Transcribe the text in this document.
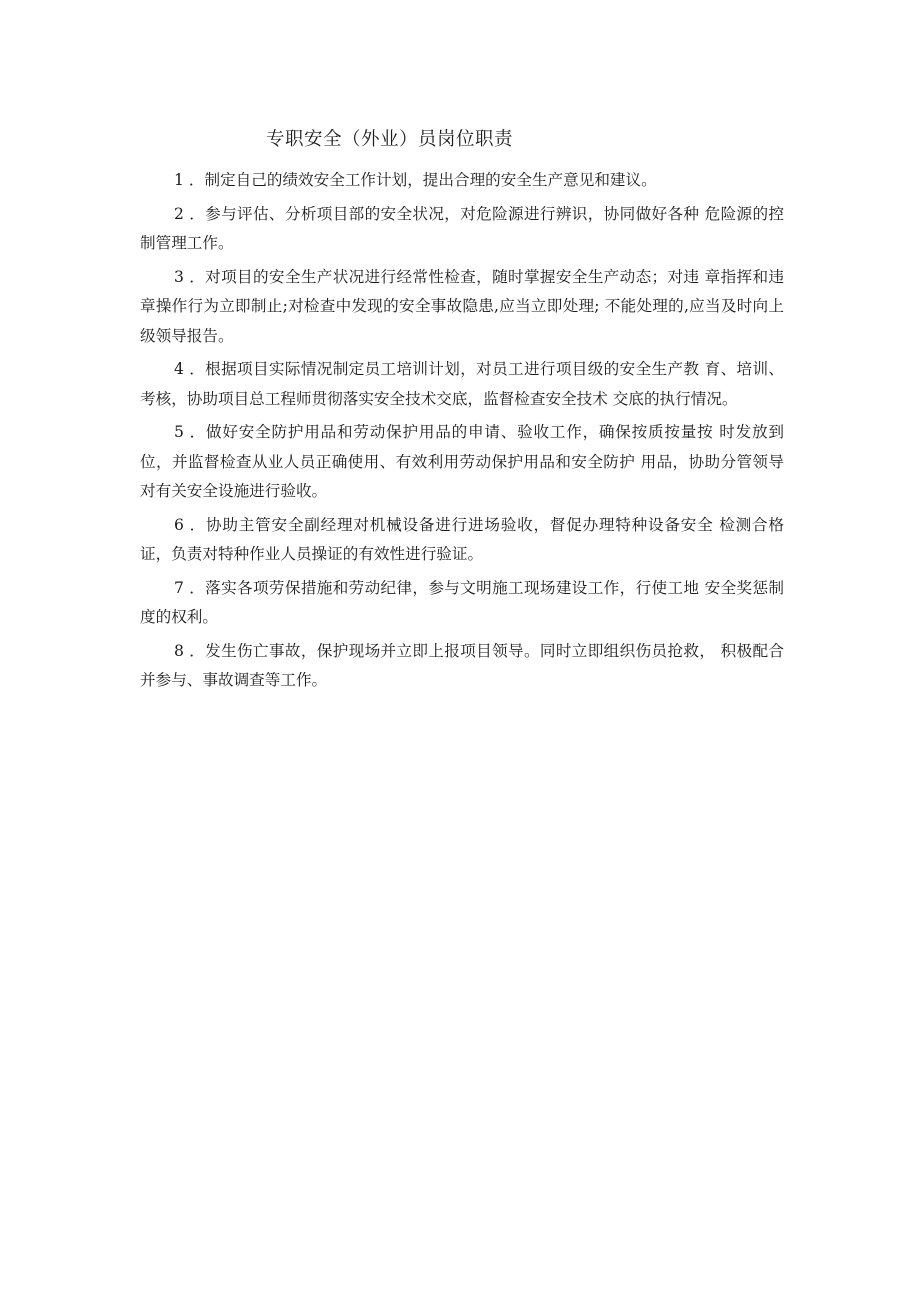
专职安全（外业）员岗位职责

1 ．制定自己的绩效安全工作计划，提出合理的安全生产意见和建议。

2 ．参与评估、分析项目部的安全状况，对危险源进行辨识，协同做好各种 危险源的控制管理工作。

3 ．对项目的安全生产状况进行经常性检查，随时掌握安全生产动态；对违 章指挥和违章操作行为立即制止;对检查中发现的安全事故隐患,应当立即处理; 不能处理的,应当及时向上级领导报告。

4 ．根据项目实际情况制定员工培训计划，对员工进行项目级的安全生产教 育、培训、考核，协助项目总工程师贯彻落实安全技术交底，监督检查安全技术 交底的执行情况。

5 ．做好安全防护用品和劳动保护用品的申请、验收工作，确保按质按量按 时发放到位，并监督检查从业人员正确使用、有效利用劳动保护用品和安全防护 用品，协助分管领导对有关安全设施进行验收。

6 ．协助主管安全副经理对机械设备进行进场验收，督促办理特种设备安全 检测合格证，负责对特种作业人员操证的有效性进行验证。

7 ．落实各项劳保措施和劳动纪律，参与文明施工现场建设工作，行使工地 安全奖惩制度的权利。

8 ．发生伤亡事故，保护现场并立即上报项目领导。同时立即组织伤员抢救， 积极配合并参与、事故调查等工作。
